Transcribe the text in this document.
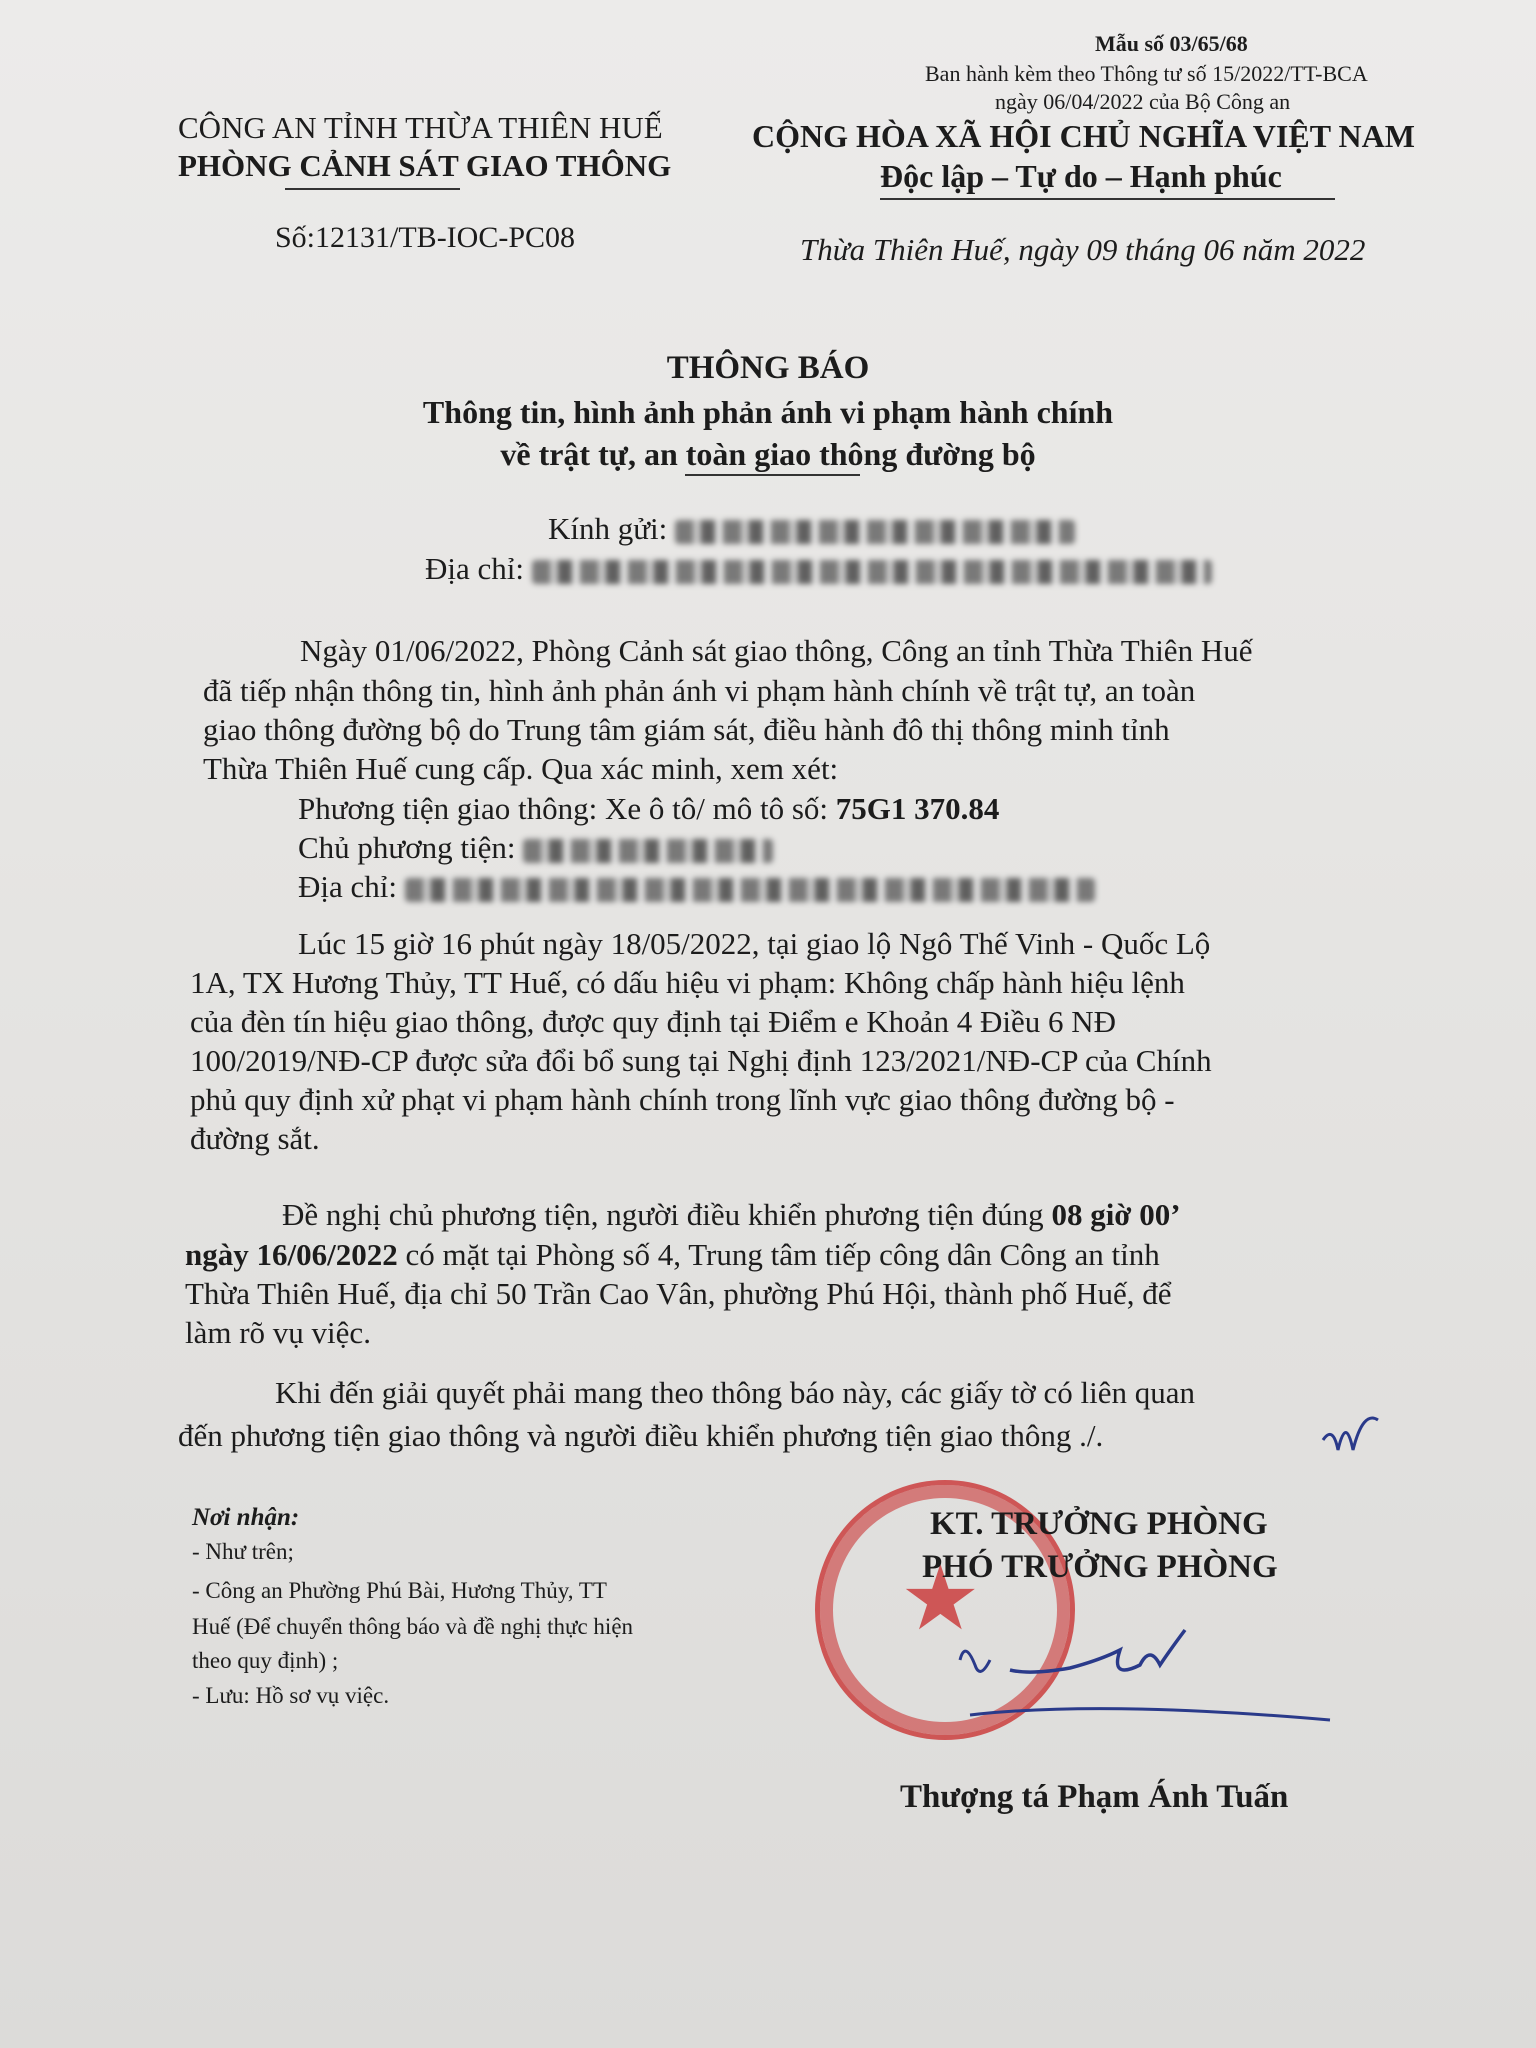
Mẫu số 03/65/68
Ban hành kèm theo Thông tư số 15/2022/TT-BCA
ngày 06/04/2022 của Bộ Công an
CÔNG AN TỈNH THỪA THIÊN HUẾ
PHÒNG CẢNH SÁT GIAO THÔNG
Số:12131/TB-IOC-PC08
CỘNG HÒA XÃ HỘI CHỦ NGHĨA VIỆT NAM
Độc lập – Tự do – Hạnh phúc
Thừa Thiên Huế, ngày 09 tháng 06 năm 2022
THÔNG BÁO
Thông tin, hình ảnh phản ánh vi phạm hành chính
về trật tự, an toàn giao thông đường bộ
Kính gửi:
Địa chỉ:
Ngày 01/06/2022, Phòng Cảnh sát giao thông, Công an tỉnh Thừa Thiên Huế
đã tiếp nhận thông tin, hình ảnh phản ánh vi phạm hành chính về trật tự, an toàn
giao thông đường bộ do Trung tâm giám sát, điều hành đô thị thông minh tỉnh
Thừa Thiên Huế cung cấp. Qua xác minh, xem xét:
Phương tiện giao thông: Xe ô tô/ mô tô số: 75G1 370.84
Chủ phương tiện:
Địa chỉ:
Lúc 15 giờ 16 phút ngày 18/05/2022, tại giao lộ Ngô Thế Vinh - Quốc Lộ
1A, TX Hương Thủy, TT Huế, có dấu hiệu vi phạm: Không chấp hành hiệu lệnh
của đèn tín hiệu giao thông, được quy định tại Điểm e Khoản 4 Điều 6 NĐ
100/2019/NĐ-CP được sửa đổi bổ sung tại Nghị định 123/2021/NĐ-CP của Chính
phủ quy định xử phạt vi phạm hành chính trong lĩnh vực giao thông đường bộ -
đường sắt.
Đề nghị chủ phương tiện, người điều khiển phương tiện đúng 08 giờ 00’
ngày 16/06/2022 có mặt tại Phòng số 4, Trung tâm tiếp công dân Công an tỉnh
Thừa Thiên Huế, địa chỉ 50 Trần Cao Vân, phường Phú Hội, thành phố Huế, để
làm rõ vụ việc.
Khi đến giải quyết phải mang theo thông báo này, các giấy tờ có liên quan
đến phương tiện giao thông và người điều khiển phương tiện giao thông ./.
Nơi nhận:
- Như trên;
- Công an Phường Phú Bài, Hương Thủy, TT
Huế (Để chuyển thông báo và đề nghị thực hiện
theo quy định) ;
- Lưu: Hồ sơ vụ việc.
★
KT. TRƯỞNG PHÒNG
PHÓ TRƯỞNG PHÒNG
Thượng tá Phạm Ánh Tuấn
